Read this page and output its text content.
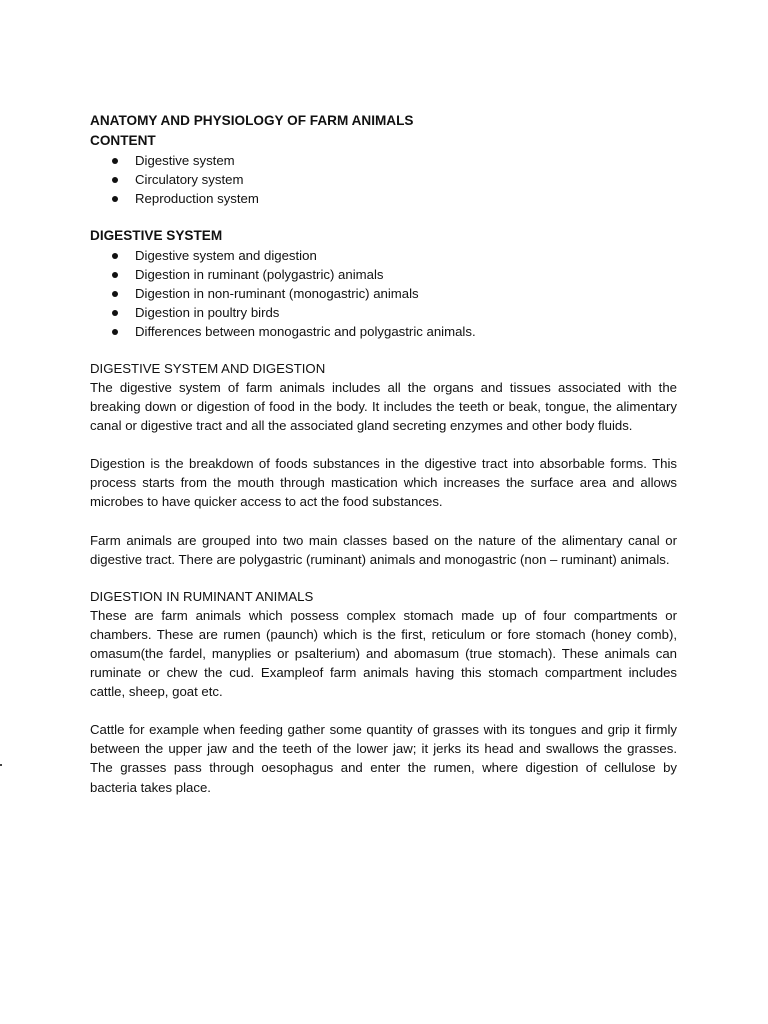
ANATOMY AND PHYSIOLOGY OF FARM ANIMALS
CONTENT
Digestive system
Circulatory system
Reproduction system
DIGESTIVE SYSTEM
Digestive system and digestion
Digestion in ruminant (polygastric) animals
Digestion in non-ruminant (monogastric) animals
Digestion in poultry birds
Differences between monogastric and polygastric animals.
DIGESTIVE SYSTEM AND DIGESTION

The digestive system of farm animals includes all the organs and tissues associated with the breaking down or digestion of food in the body. It includes the teeth or beak, tongue, the alimentary canal or digestive tract and all the associated gland secreting enzymes and other body fluids.

Digestion is the breakdown of foods substances in the digestive tract into absorbable forms. This process starts from the mouth through mastication which increases the surface area and allows microbes to have quicker access to act the food substances.

Farm animals are grouped into two main classes based on the nature of the alimentary canal or digestive tract. There are polygastric (ruminant) animals and monogastric (non – ruminant) animals.

DIGESTION IN RUMINANT ANIMALS

These are farm animals which possess complex stomach made up of four compartments or chambers. These are rumen (paunch) which is the first, reticulum or fore stomach (honey comb), omasum(the fardel, manyplies or psalterium) and abomasum (true stomach). These animals can ruminate or chew the cud. Exampleof farm animals having this stomach compartment includes cattle, sheep, goat etc.

Cattle for example when feeding gather some quantity of grasses with its tongues and grip it firmly between the upper jaw and the teeth of the lower jaw; it jerks its head and swallows the grasses. The grasses pass through oesophagus and enter the rumen, where digestion of cellulose by bacteria takes place.
